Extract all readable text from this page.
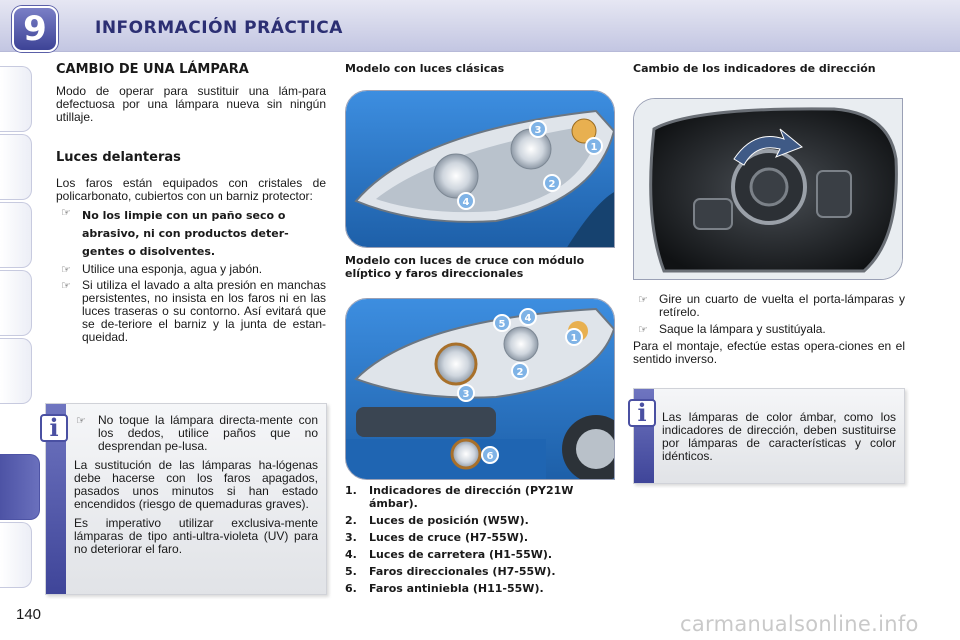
9	INFORMACIÓN PRÁCTICA
CAMBIO DE UNA LÁMPARA

Modo de operar para sustituir una lám-para defectuosa por una lámpara nueva sin ningún utillaje.

Luces delanteras

Los faros están equipados con cristales de policarbonato, cubiertos con un barniz protector:

☞ No los limpie con un paño seco o abrasivo, ni con productos deter-gentes o disolventes.
☞ Utilice una esponja, agua y jabón.

☞ Si utiliza el lavado a alta presión en manchas persistentes, no insista en los faros ni en las luces traseras o su contorno. Así evitará que se de-teriore el barniz y la junta de estan-queidad.

i	☞ No toque la lámpara directa-mente con los dedos, utilice paños que no desprendan pe-lusa.

La sustitución de las lámparas ha-lógenas debe hacerse con los faros apagados, pasados unos minutos si han estado encendidos (riesgo de quemaduras graves).

Es imperativo utilizar exclusiva-mente lámparas de tipo anti-ultra-violeta (UV) para no deteriorar el faro.

Modelo con luces clásicas
3
1
2
4
Modelo con luces de cruce con módulo elíptico y faros direccionales
5
4
1
2
3
6
1. Indicadores de dirección (PY21W ámbar).
2. Luces de posición (W5W).
3. Luces de cruce (H7-55W).
4. Luces de carretera (H1-55W).
5. Faros direccionales (H7-55W).
6. Faros antiniebla (H11-55W).
Cambio de los indicadores de dirección
☞ Gire un cuarto de vuelta el porta-lámparas y retírelo.

☞ Saque la lámpara y sustitúyala.

Para el montaje, efectúe estas opera-ciones en el sentido inverso.

i	Las lámparas de color ámbar, como los indicadores de dirección, deben sustituirse por lámparas de características y color idénticos.

140	carmanualsonline.info
